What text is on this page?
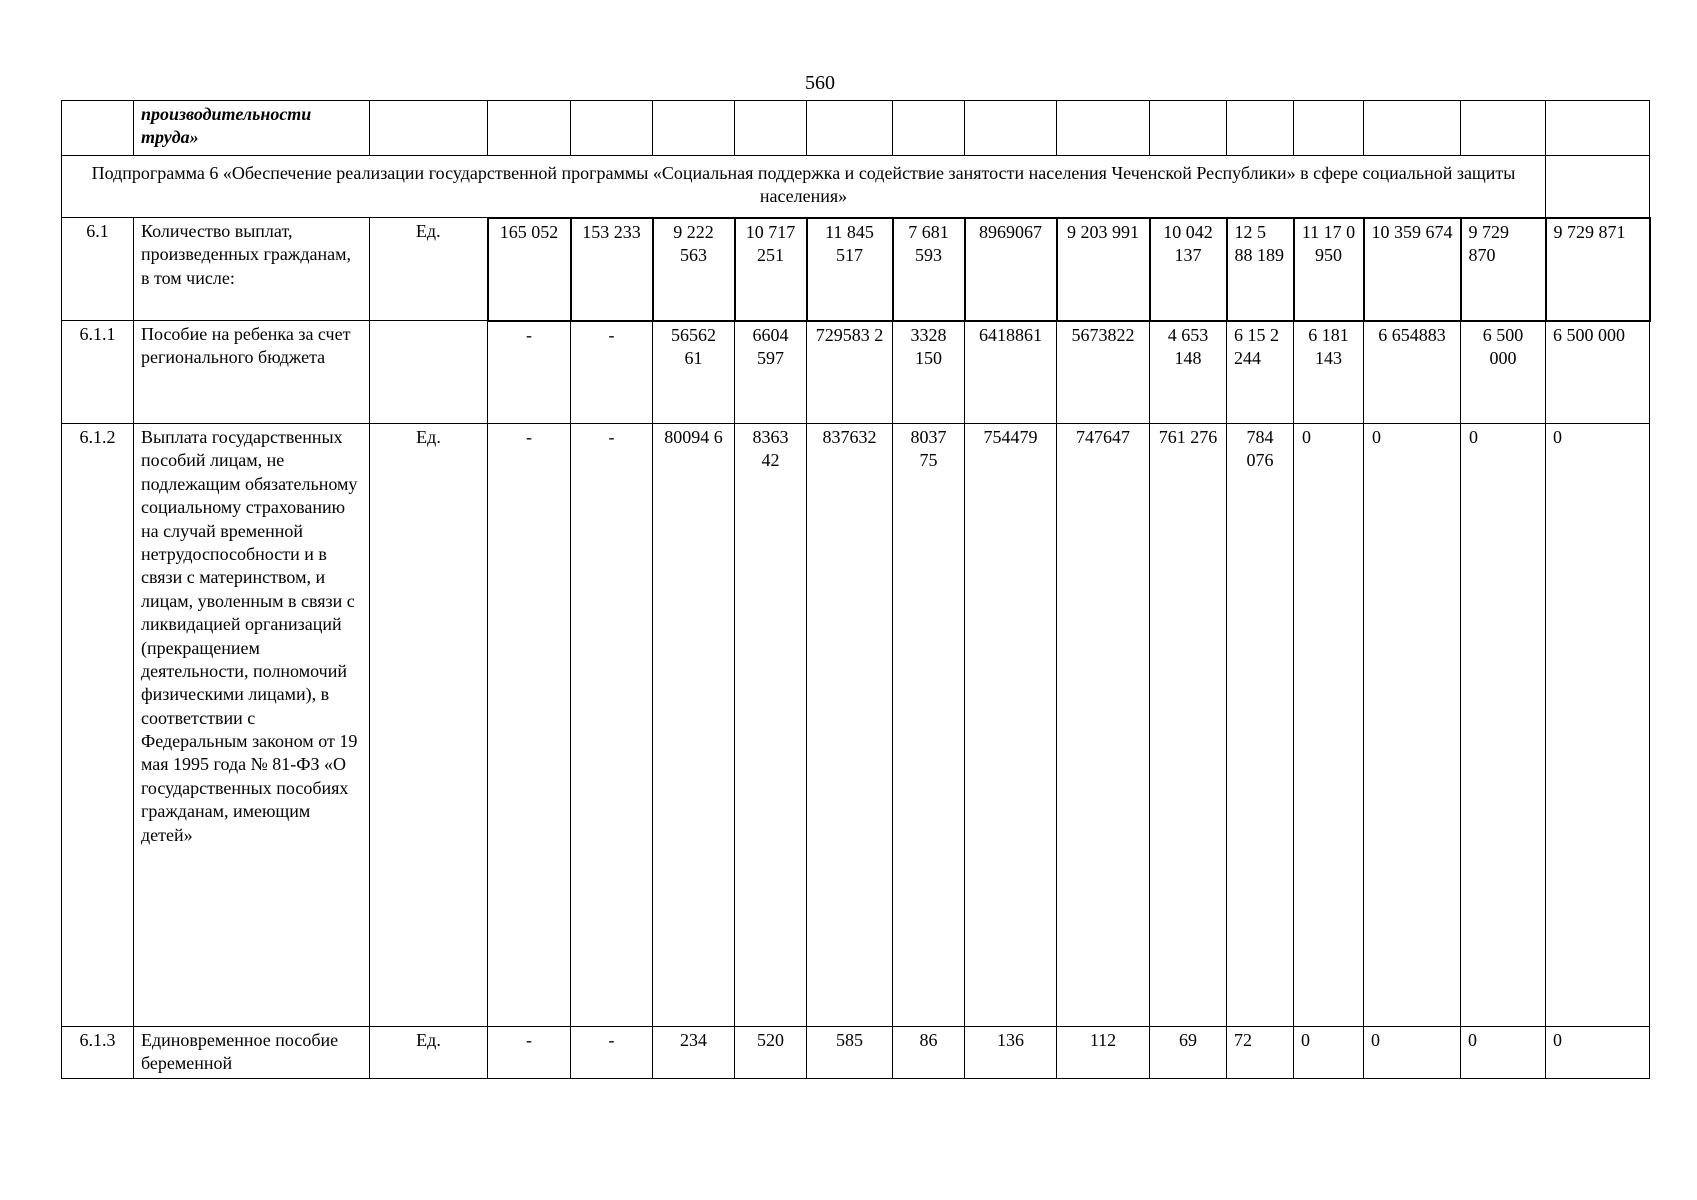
560
	производительности труда»															
Подпрограмма 6 «Обеспечение реализации государственной программы «Социальная поддержка и содействие занятости населения Чеченской Республики» в сфере социальной защиты населения»																
6.1	Количество выплат, произведенных гражданам, в том числе:	Ед.	165 052	153 233	9 222 563	10 717 251	11 845 517	7 681 593	8969067	9 203 991	10 042 137	12 5 88 189	11 17 0 950	10 359 674	9 729 870	9 729 871
6.1.1	Пособие на ребенка за счет регионального бюджета		-	-	56562 61	6604 597	729583 2	3328 150	6418861	5673822	4 653 148	6 15 2 244	6 181 143	6 654883	6 500 000	6 500 000
6.1.2	Выплата государственных пособий лицам, не подлежащим обязательному социальному страхованию на случай временной нетрудоспособности и в связи с материнством, и лицам, уволенным в связи с ликвидацией организаций (прекращением деятельности, полномочий физическими лицами), в соответствии с Федеральным законом от 19 мая 1995 года № 81-ФЗ «О государственных пособиях гражданам, имеющим детей»	Ед.	-	-	80094 6	8363 42	837632	8037 75	754479	747647	761 276	784 076	0	0	0	0
6.1.3	Единовременное пособие беременной	Ед.	-	-	234	520	585	86	136	112	69	72	0	0	0	0
